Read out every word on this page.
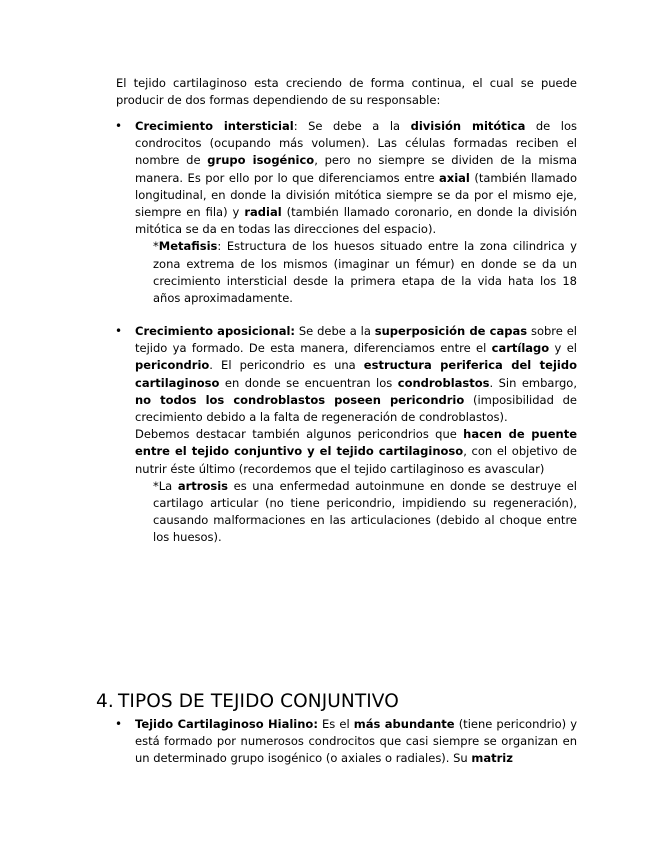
El tejido cartilaginoso esta creciendo de forma continua, el cual se puede producir de dos formas dependiendo de su responsable:

•	Crecimiento intersticial: Se debe a la división mitótica de los condrocitos (ocupando más volumen). Las células formadas reciben el nombre de grupo isogénico, pero no siempre se dividen de la misma manera. Es por ello por lo que diferenciamos entre axial (también llamado longitudinal, en donde la división mitótica siempre se da por el mismo eje, siempre en fila) y radial (también llamado coronario, en donde la división mitótica se da en todas las direcciones del espacio).

*Metafisis: Estructura de los huesos situado entre la zona cilindrica y zona extrema de los mismos (imaginar un fémur) en donde se da un crecimiento intersticial desde la primera etapa de la vida hata los 18 años aproximadamente.

•	Crecimiento aposicional: Se debe a la superposición de capas sobre el tejido ya formado. De esta manera, diferenciamos entre el cartílago y el pericondrio. El pericondrio es una estructura periferica del tejido cartilaginoso en donde se encuentran los condroblastos. Sin embargo, no todos los condroblastos poseen pericondrio (imposibilidad de crecimiento debido a la falta de regeneración de condroblastos).

Debemos destacar también algunos pericondrios que hacen de puente entre el tejido conjuntivo y el tejido cartilaginoso, con el objetivo de nutrir éste último (recordemos que el tejido cartilaginoso es avascular)

*La artrosis es una enfermedad autoinmune en donde se destruye el cartilago articular (no tiene pericondrio, impidiendo su regeneración), causando malformaciones en las articulaciones (debido al choque entre los huesos).

4. TIPOS DE TEJIDO CONJUNTIVO
•	Tejido Cartilaginoso Hialino: Es el más abundante (tiene pericondrio) y está formado por numerosos condrocitos que casi siempre se organizan en un determinado grupo isogénico (o axiales o radiales). Su matriz
